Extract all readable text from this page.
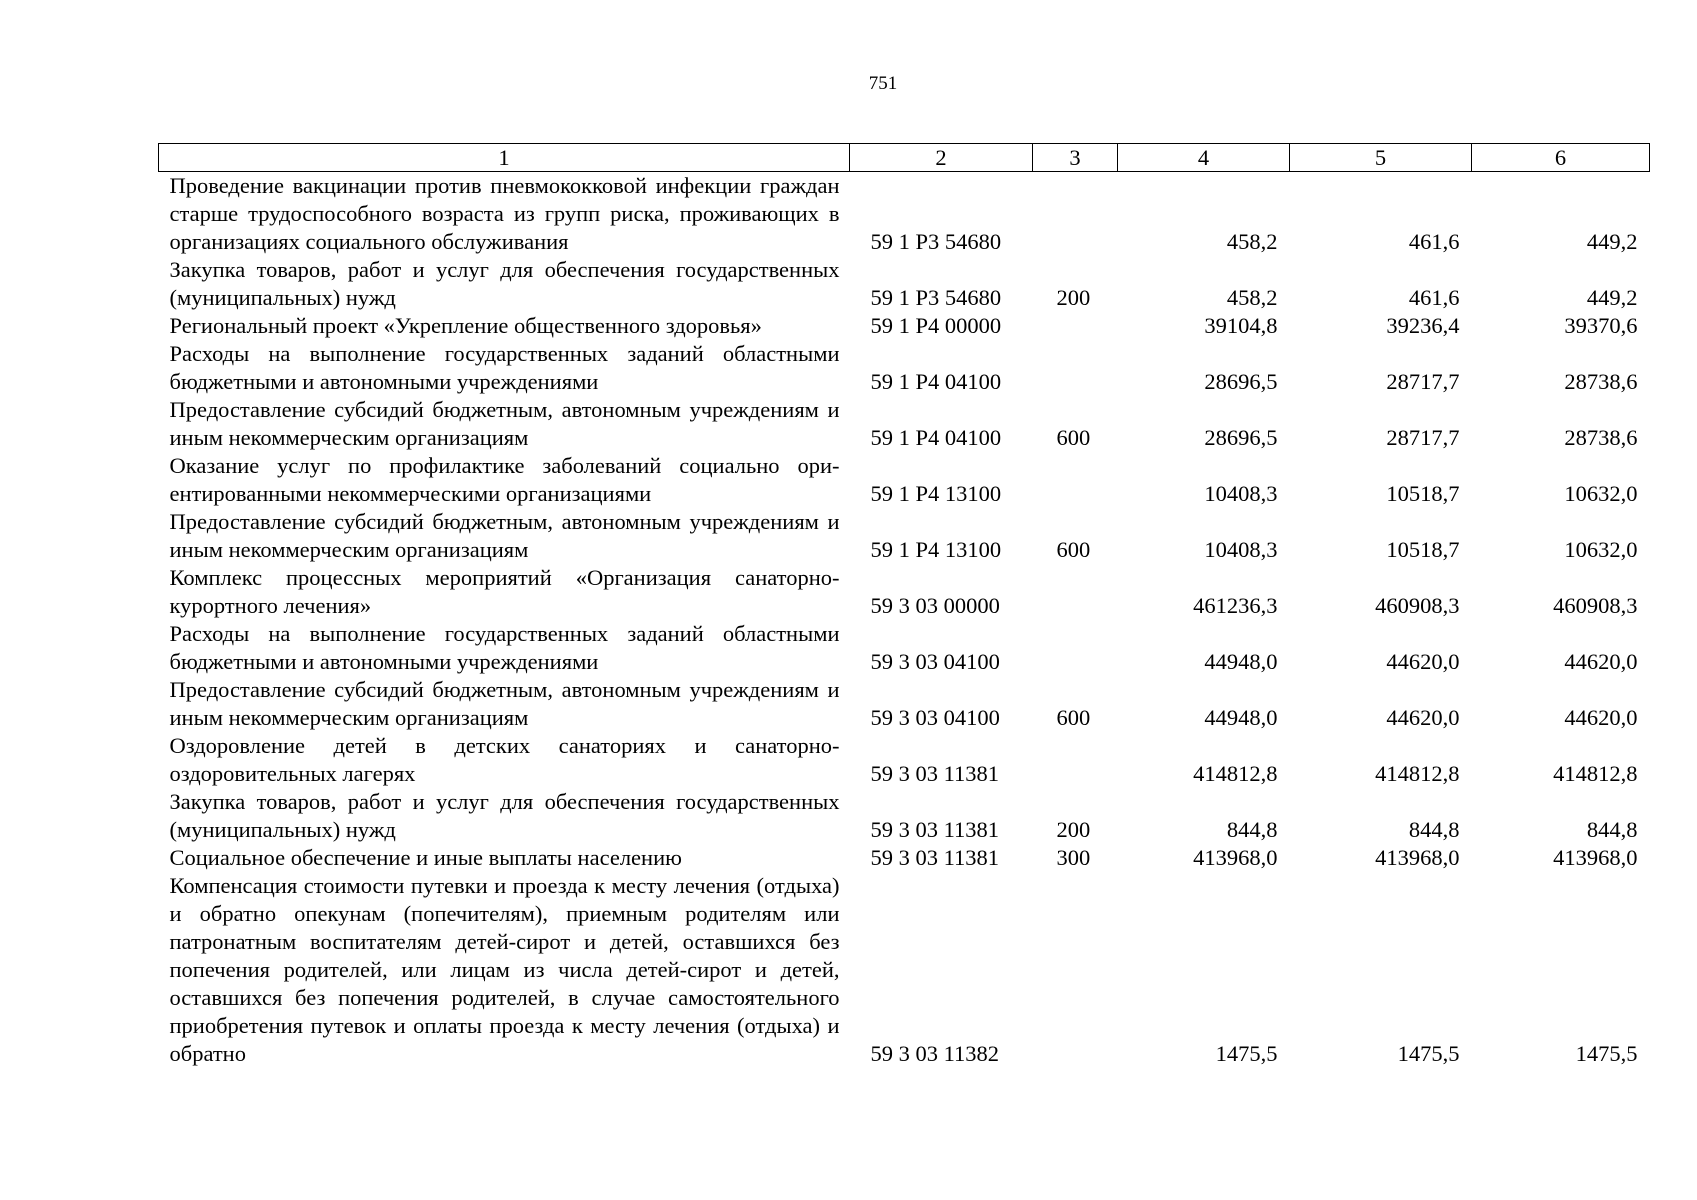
751
1	2	3	4	5	6
Проведение вакцинации против пневмококковой инфекции граждан старше трудоспособного возраста из групп риска, проживающих в организациях социального обслуживания	59 1 Р3 54680		458,2	461,6	449,2
Закупка товаров, работ и услуг для обеспечения государственных (муниципальных) нужд	59 1 Р3 54680	200	458,2	461,6	449,2
Региональный проект «Укрепление общественного здоровья»	59 1 Р4 00000		39104,8	39236,4	39370,6
Расходы на выполнение государственных заданий областными бюджетными и автономными учреждениями	59 1 Р4 04100		28696,5	28717,7	28738,6
Предоставление субсидий бюджетным, автономным учреждениям и иным некоммерческим организациям	59 1 Р4 04100	600	28696,5	28717,7	28738,6
Оказание услуг по профилактике заболеваний социально ориентированными некоммерческими организациями	59 1 Р4 13100		10408,3	10518,7	10632,0
Предоставление субсидий бюджетным, автономным учреждениям и иным некоммерческим организациям	59 1 Р4 13100	600	10408,3	10518,7	10632,0
Комплекс процессных мероприятий «Организация санаторно-курортного лечения»	59 3 03 00000		461236,3	460908,3	460908,3
Расходы на выполнение государственных заданий областными бюджетными и автономными учреждениями	59 3 03 04100		44948,0	44620,0	44620,0
Предоставление субсидий бюджетным, автономным учреждениям и иным некоммерческим организациям	59 3 03 04100	600	44948,0	44620,0	44620,0
Оздоровление детей в детских санаториях и санаторно-оздоровительных лагерях	59 3 03 11381		414812,8	414812,8	414812,8
Закупка товаров, работ и услуг для обеспечения государственных (муниципальных) нужд	59 3 03 11381	200	844,8	844,8	844,8
Социальное обеспечение и иные выплаты населению	59 3 03 11381	300	413968,0	413968,0	413968,0
Компенсация стоимости путевки и проезда к месту лечения (отдыха) и обратно опекунам (попечителям), приемным родителям или патронатным воспитателям детей-сирот и детей, оставшихся без попечения родителей, или лицам из числа детей-сирот и детей, оставшихся без попечения родителей, в случае самостоятельного приобретения путевок и оплаты проезда к месту лечения (отдыха) и обратно	59 3 03 11382		1475,5	1475,5	1475,5
